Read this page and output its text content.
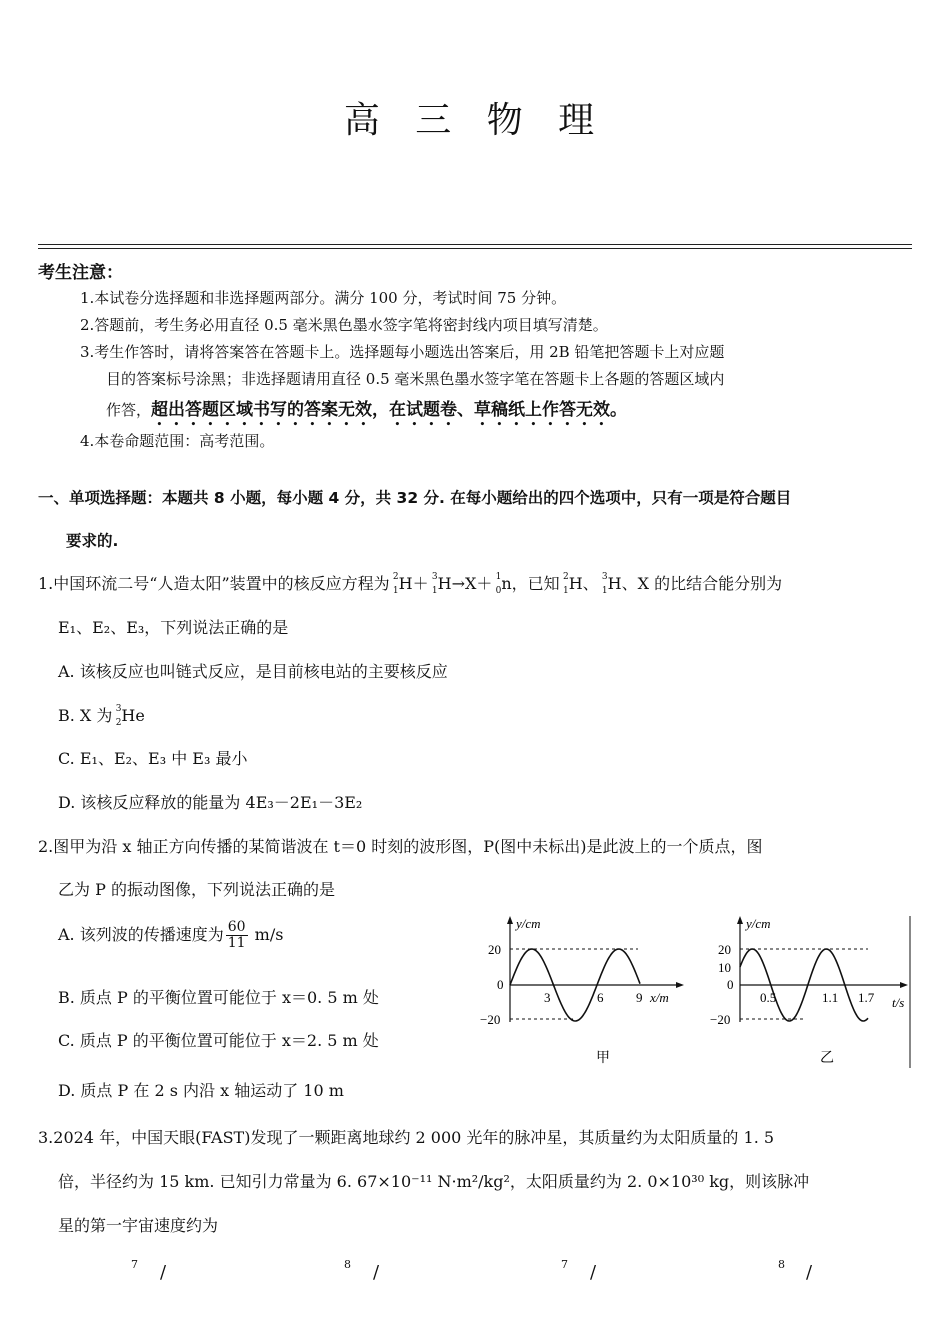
高 三 物 理
考生注意：
1.本试卷分选择题和非选择题两部分。满分 100 分，考试时间 75 分钟。
2.答题前，考生务必用直径 0.5 毫米黑色墨水签字笔将密封线内项目填写清楚。
3.考生作答时，请将答案答在答题卡上。选择题每小题选出答案后，用 2B 铅笔把答题卡上对应题
目的答案标号涂黑；非选择题请用直径 0.5 毫米黑色墨水签字笔在答题卡上各题的答题区域内
作答，超出答题区域书写的答案无效，在试题卷、草稿纸上作答无效。
4.本卷命题范围：高考范围。
一、单项选择题：本题共 8 小题，每小题 4 分，共 32 分. 在每小题给出的四个选项中，只有一项是符合题目
要求的.
1.中国环流二号“人造太阳”装置中的核反应方程为 2
1 H＋ 3
1 H→X＋ 1
0 n，已知 2
1 H、 3
1 H、X 的比结合能分别为
E₁、E₂、E₃，下列说法正确的是
A. 该核反应也叫链式反应，是目前核电站的主要核反应
B. X 为 3
2 He
C. E₁、E₂、E₃ 中 E₃ 最小
D. 该核反应释放的能量为 4E₃－2E₁－3E₂
2.图甲为沿 x 轴正方向传播的某简谐波在 t＝0 时刻的波形图，P(图中未标出)是此波上的一个质点，图
乙为 P 的振动图像，下列说法正确的是
A. 该列波的传播速度为 $\frac{60}{11} m/s$
B. 质点 P 的平衡位置可能位于 x＝0. 5 m 处
C. 质点 P 的平衡位置可能位于 x＝2. 5 m 处
D. 质点 P 在 2 s 内沿 x 轴运动了 10 m
y/cm
20
0
−20
3	6	9 x/m
甲
y/cm
20
10
0
−20
0.5	1.1 1.7 t/s
乙
3.2024 年，中国天眼(FAST)发现了一颗距离地球约 2 000 光年的脉冲星，其质量约为太阳质量的 1. 5
倍，半径约为 15 km. 已知引力常量为 6. 67×10⁻¹¹ N·m²/kg²，太阳质量约为 2. 0×10³⁰ kg，则该脉冲
星的第一宇宙速度约为
7 /	8 /	7 /	8 /
